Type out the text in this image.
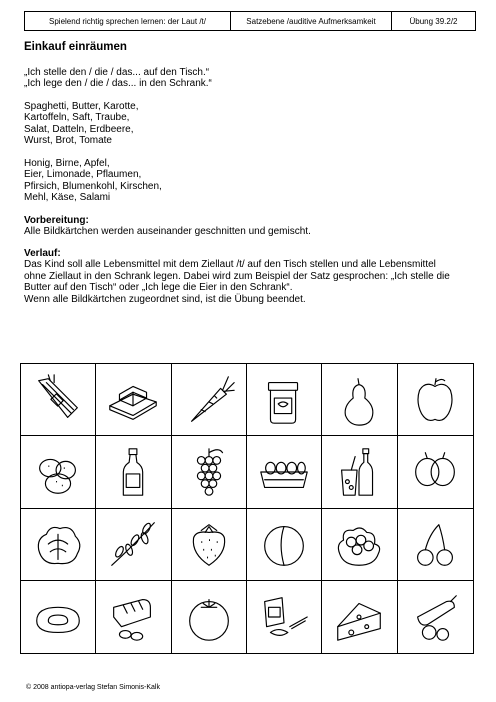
Spielend richtig sprechen lernen: der Laut /t/	Satzebene /auditive Aufmerksamkeit	Übung 39.2/2
Einkauf einräumen
„Ich stelle den / die / das... auf den Tisch.“
„Ich lege den / die / das... in den Schrank.“
Spaghetti, Butter, Karotte,
Kartoffeln, Saft, Traube,
Salat, Datteln, Erdbeere,
Wurst, Brot, Tomate
Honig, Birne, Apfel,
Eier, Limonade, Pflaumen,
Pfirsich, Blumenkohl, Kirschen,
Mehl, Käse, Salami
Vorbereitung:
Alle Bildkärtchen werden auseinander geschnitten und gemischt.
Verlauf:
Das Kind soll alle Lebensmittel mit dem Ziellaut /t/ auf den Tisch stellen und alle Lebensmittel
ohne Ziellaut in den Schrank legen. Dabei wird zum Beispiel der Satz gesprochen: „Ich stelle die
Butter auf den Tisch“ oder „Ich lege die Eier in den Schrank“.
Wenn alle Bildkärtchen zugeordnet sind, ist die Übung beendet.
© 2008 antiopa-verlag Stefan Simonis-Kalk
